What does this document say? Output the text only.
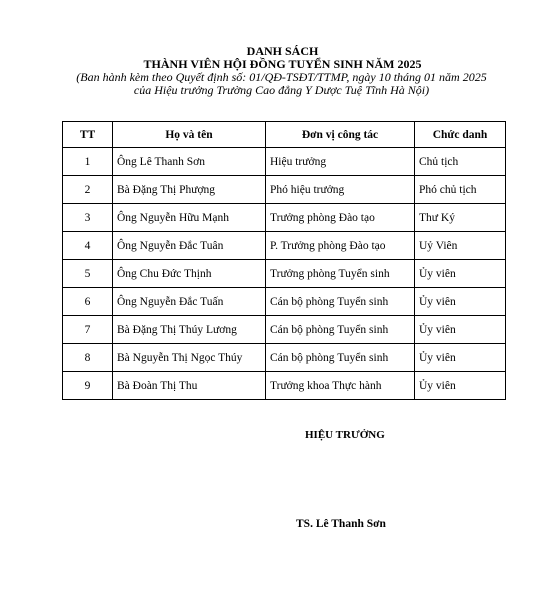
DANH SÁCH
THÀNH VIÊN HỘI ĐỒNG TUYỂN SINH NĂM 2025
(Ban hành kèm theo Quyết định số: 01/QĐ-TSĐT/TTMP, ngày 10 tháng 01 năm 2025 của Hiệu trưởng Trường Cao đẳng Y Dược Tuệ Tĩnh Hà Nội)
TT	Họ và tên	Đơn vị công tác	Chức danh
1	Ông Lê Thanh Sơn	Hiệu trưởng	Chủ tịch
2	Bà Đặng Thị Phượng	Phó hiệu trưởng	Phó chủ tịch
3	Ông Nguyễn Hữu Mạnh	Trưởng phòng Đào tạo	Thư Ký
4	Ông Nguyễn Đắc Tuân	P. Trưởng phòng Đào tạo	Uỷ Viên
5	Ông Chu Đức Thịnh	Trưởng phòng Tuyển sinh	Ủy viên
6	Ông Nguyễn Đắc Tuấn	Cán bộ phòng Tuyển sinh	Ủy viên
7	Bà Đặng Thị Thúy Lương	Cán bộ phòng Tuyển sinh	Ủy viên
8	Bà Nguyễn Thị Ngọc Thúy	Cán bộ phòng Tuyển sinh	Ủy viên
9	Bà Đoàn Thị Thu	Trưởng khoa Thực hành	Ủy viên
HIỆU TRƯỞNG
TS. Lê Thanh Sơn
